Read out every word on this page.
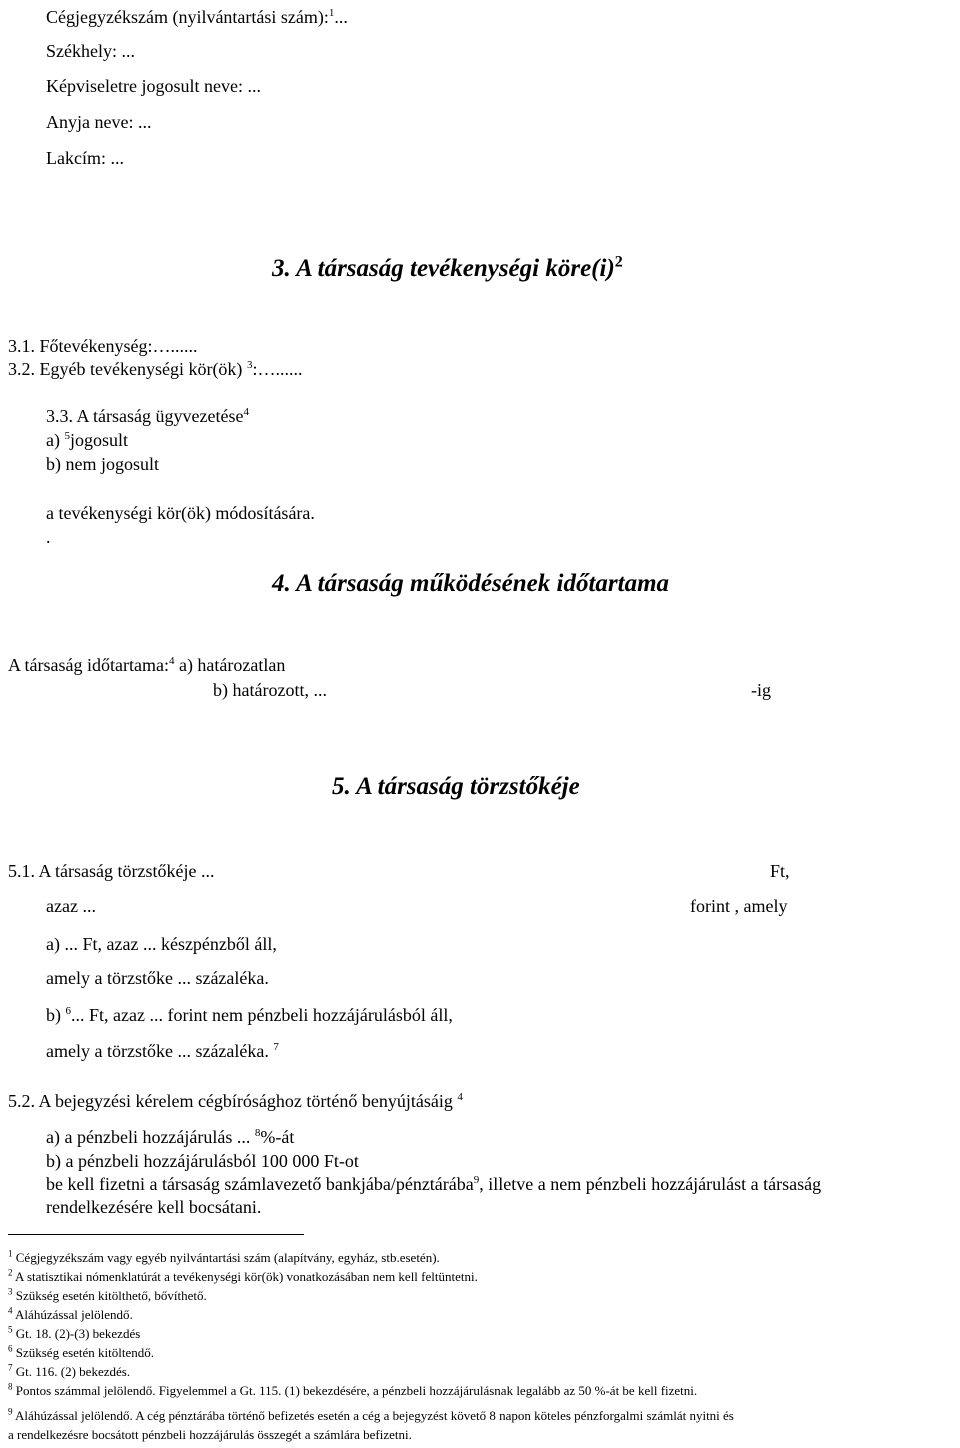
Cégjegyzékszám (nyilvántartási szám):$^1$...
Székhely: ...
Képviseletre jogosult neve: ...
Anyja neve: ...
Lakcím: ...
3. A társaság tevékenységi $köre(i)^2$
3.1. Főtevékenység:…......
3.2. Egyéb tevékenységi kör(ök) $^3$:…......
3.3. A társaság ügyvezetése$^4$
a) $^5$jogosult
b) nem jogosult
a tevékenységi kör(ök) módosítására.
.
4. A társaság működésének időtartama
A társaság időtartama:$^4$ a) határozatlan
b) határozott, ...	-ig
5. A társaság törzstőkéje
5.1. A társaság törzstőkéje ...	Ft,
azaz ...	forint , amely
a) ... Ft, azaz ... készpénzből áll,
amely a törzstőke ... százaléka.
b) $^6$... Ft, azaz ... forint nem pénzbeli hozzájárulásból áll,
amely a törzstőke ... százaléka. $^7$
5.2. A bejegyzési kérelem cégbírósághoz történő benyújtásáig $^4$
a) a pénzbeli hozzájárulás ... $^8$%-át
b) a pénzbeli hozzájárulásból 100 000 Ft-ot
be kell fizetni a társaság számlavezető bankjába/pénztárába$^9$, illetve a nem pénzbeli hozzájárulást a társaság
rendelkezésére kell bocsátani.
$^1$ Cégjegyzékszám vagy egyéb nyilvántartási szám (alapítvány, egyház, stb.esetén).
$^2$ A statisztikai nómenklatúrát a tevékenységi kör(ök) vonatkozásában nem kell feltüntetni.
$^3$ Szükség esetén kitölthető, bővíthető.
$^4$ Aláhúzással jelölendő.
$^5$ Gt. 18. (2)-(3) bekezdés
$^6$ Szükség esetén kitöltendő.
$^7$ Gt. 116. (2) bekezdés.
$^8$ Pontos számmal jelölendő. Figyelemmel a Gt. 115. (1) bekezdésére, a pénzbeli hozzájárulásnak legalább az 50 %-át be kell fizetni.
$^9$ Aláhúzással jelölendő. A cég pénztárába történő befizetés esetén a cég a bejegyzést követő 8 napon köteles pénzforgalmi számlát nyitni és
a rendelkezésre bocsátott pénzbeli hozzájárulás összegét a számlára befizetni.
